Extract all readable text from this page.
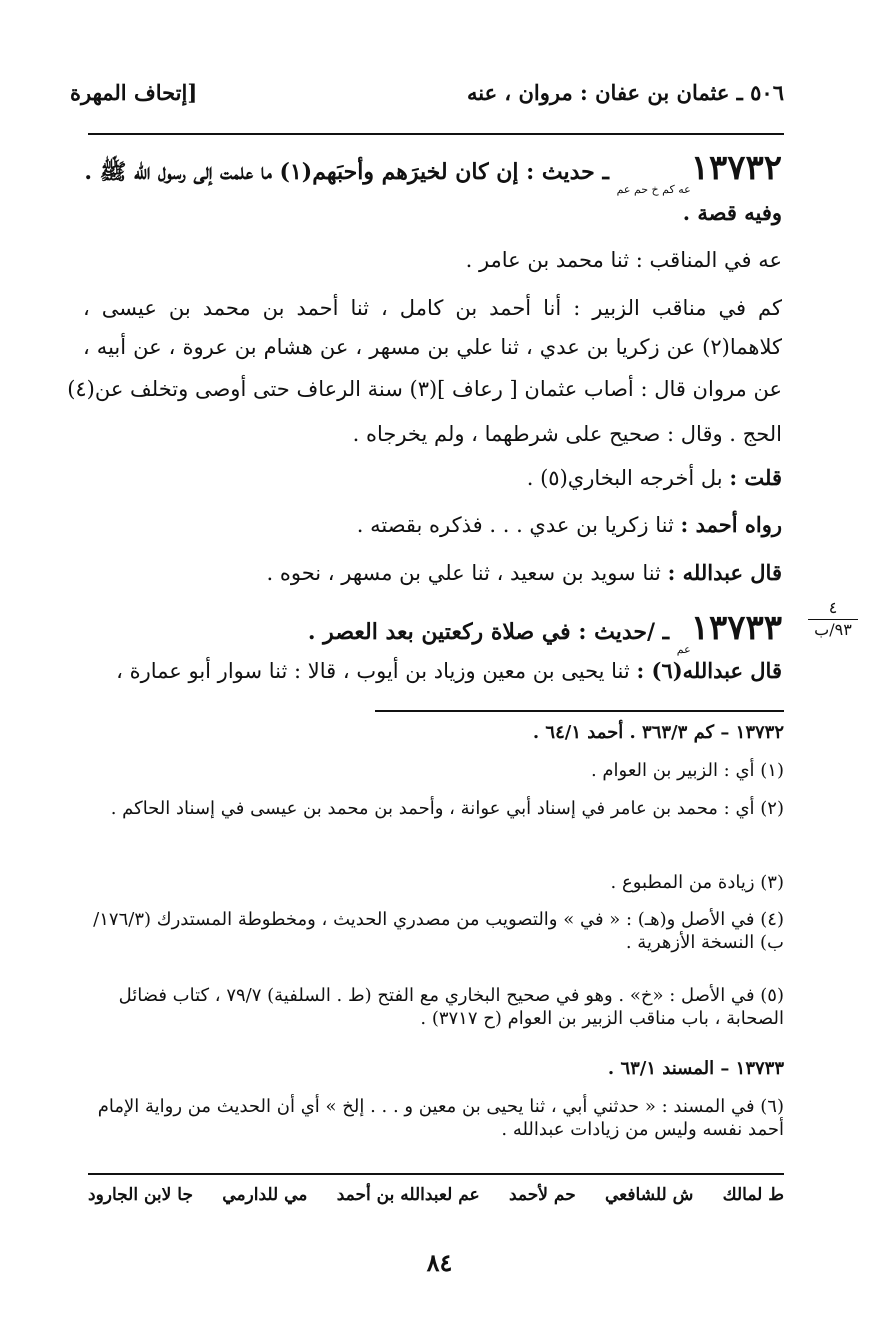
٥٠٦ ـ عثمان بن عفان : مروان ، عنه
[إتحاف المهرة
$١٣٧٣٢_{عه كم خ حم عم}$ ـ حديث : إن كان لخيرَهم وأحبَهم(١) ما علمت إلى رسول الله ﷺ .
وفيه قصة .
عه في المناقب : ثنا محمد بن عامر .
كم في مناقب الزبير : أنا أحمد بن كامل ، ثنا أحمد بن محمد بن عيسى ،
كلاهما(٢) عن زكريا بن عدي ، ثنا علي بن مسهر ، عن هشام بن عروة ، عن أبيه ،
عن مروان قال : أصاب عثمان [ رعاف ](٣) سنة الرعاف حتى أوصى وتخلف عن(٤)
الحج . وقال : صحيح على شرطهما ، ولم يخرجاه .
قلت : بل أخرجه البخاري(٥) .
رواه أحمد : ثنا زكريا بن عدي . . . فذكره بقصته .
قال عبدالله : ثنا سويد بن سعيد ، ثنا علي بن مسهر ، نحوه .
$١٣٧٣٣_{عم}$ ـ /حديث : في صلاة ركعتين بعد العصر .
قال عبدالله(٦) : ثنا يحيى بن معين وزياد بن أيوب ، قالا : ثنا سوار أبو عمارة ،
٤
٩٣/ب
١٣٧٣٢ – كم ٣٦٣/٣ . أحمد ٦٤/١ .
(١) أي : الزبير بن العوام .
(٢) أي : محمد بن عامر في إسناد أبي عوانة ، وأحمد بن محمد بن عيسى في إسناد الحاكم .
(٣) زيادة من المطبوع .
(٤) في الأصل و(هـ) : « في » والتصويب من مصدري الحديث ، ومخطوطة المستدرك (١٧٦/٣/ب) النسخة الأزهرية .
(٥) في الأصل : «خ» . وهو في صحيح البخاري مع الفتح (ط . السلفية) ٧٩/٧ ، كتاب فضائل الصحابة ، باب مناقب الزبير بن العوام (ح ٣٧١٧) .
١٣٧٣٣ – المسند ٦٣/١ .
(٦) في المسند : « حدثني أبي ، ثنا يحيى بن معين و . . . إلخ » أي أن الحديث من رواية الإمام أحمد نفسه وليس من زيادات عبدالله .
ط لمالك
ش للشافعي
حم لأحمد
عم لعبدالله بن أحمد
مي للدارمي
جا لابن الجارود
٨٤
